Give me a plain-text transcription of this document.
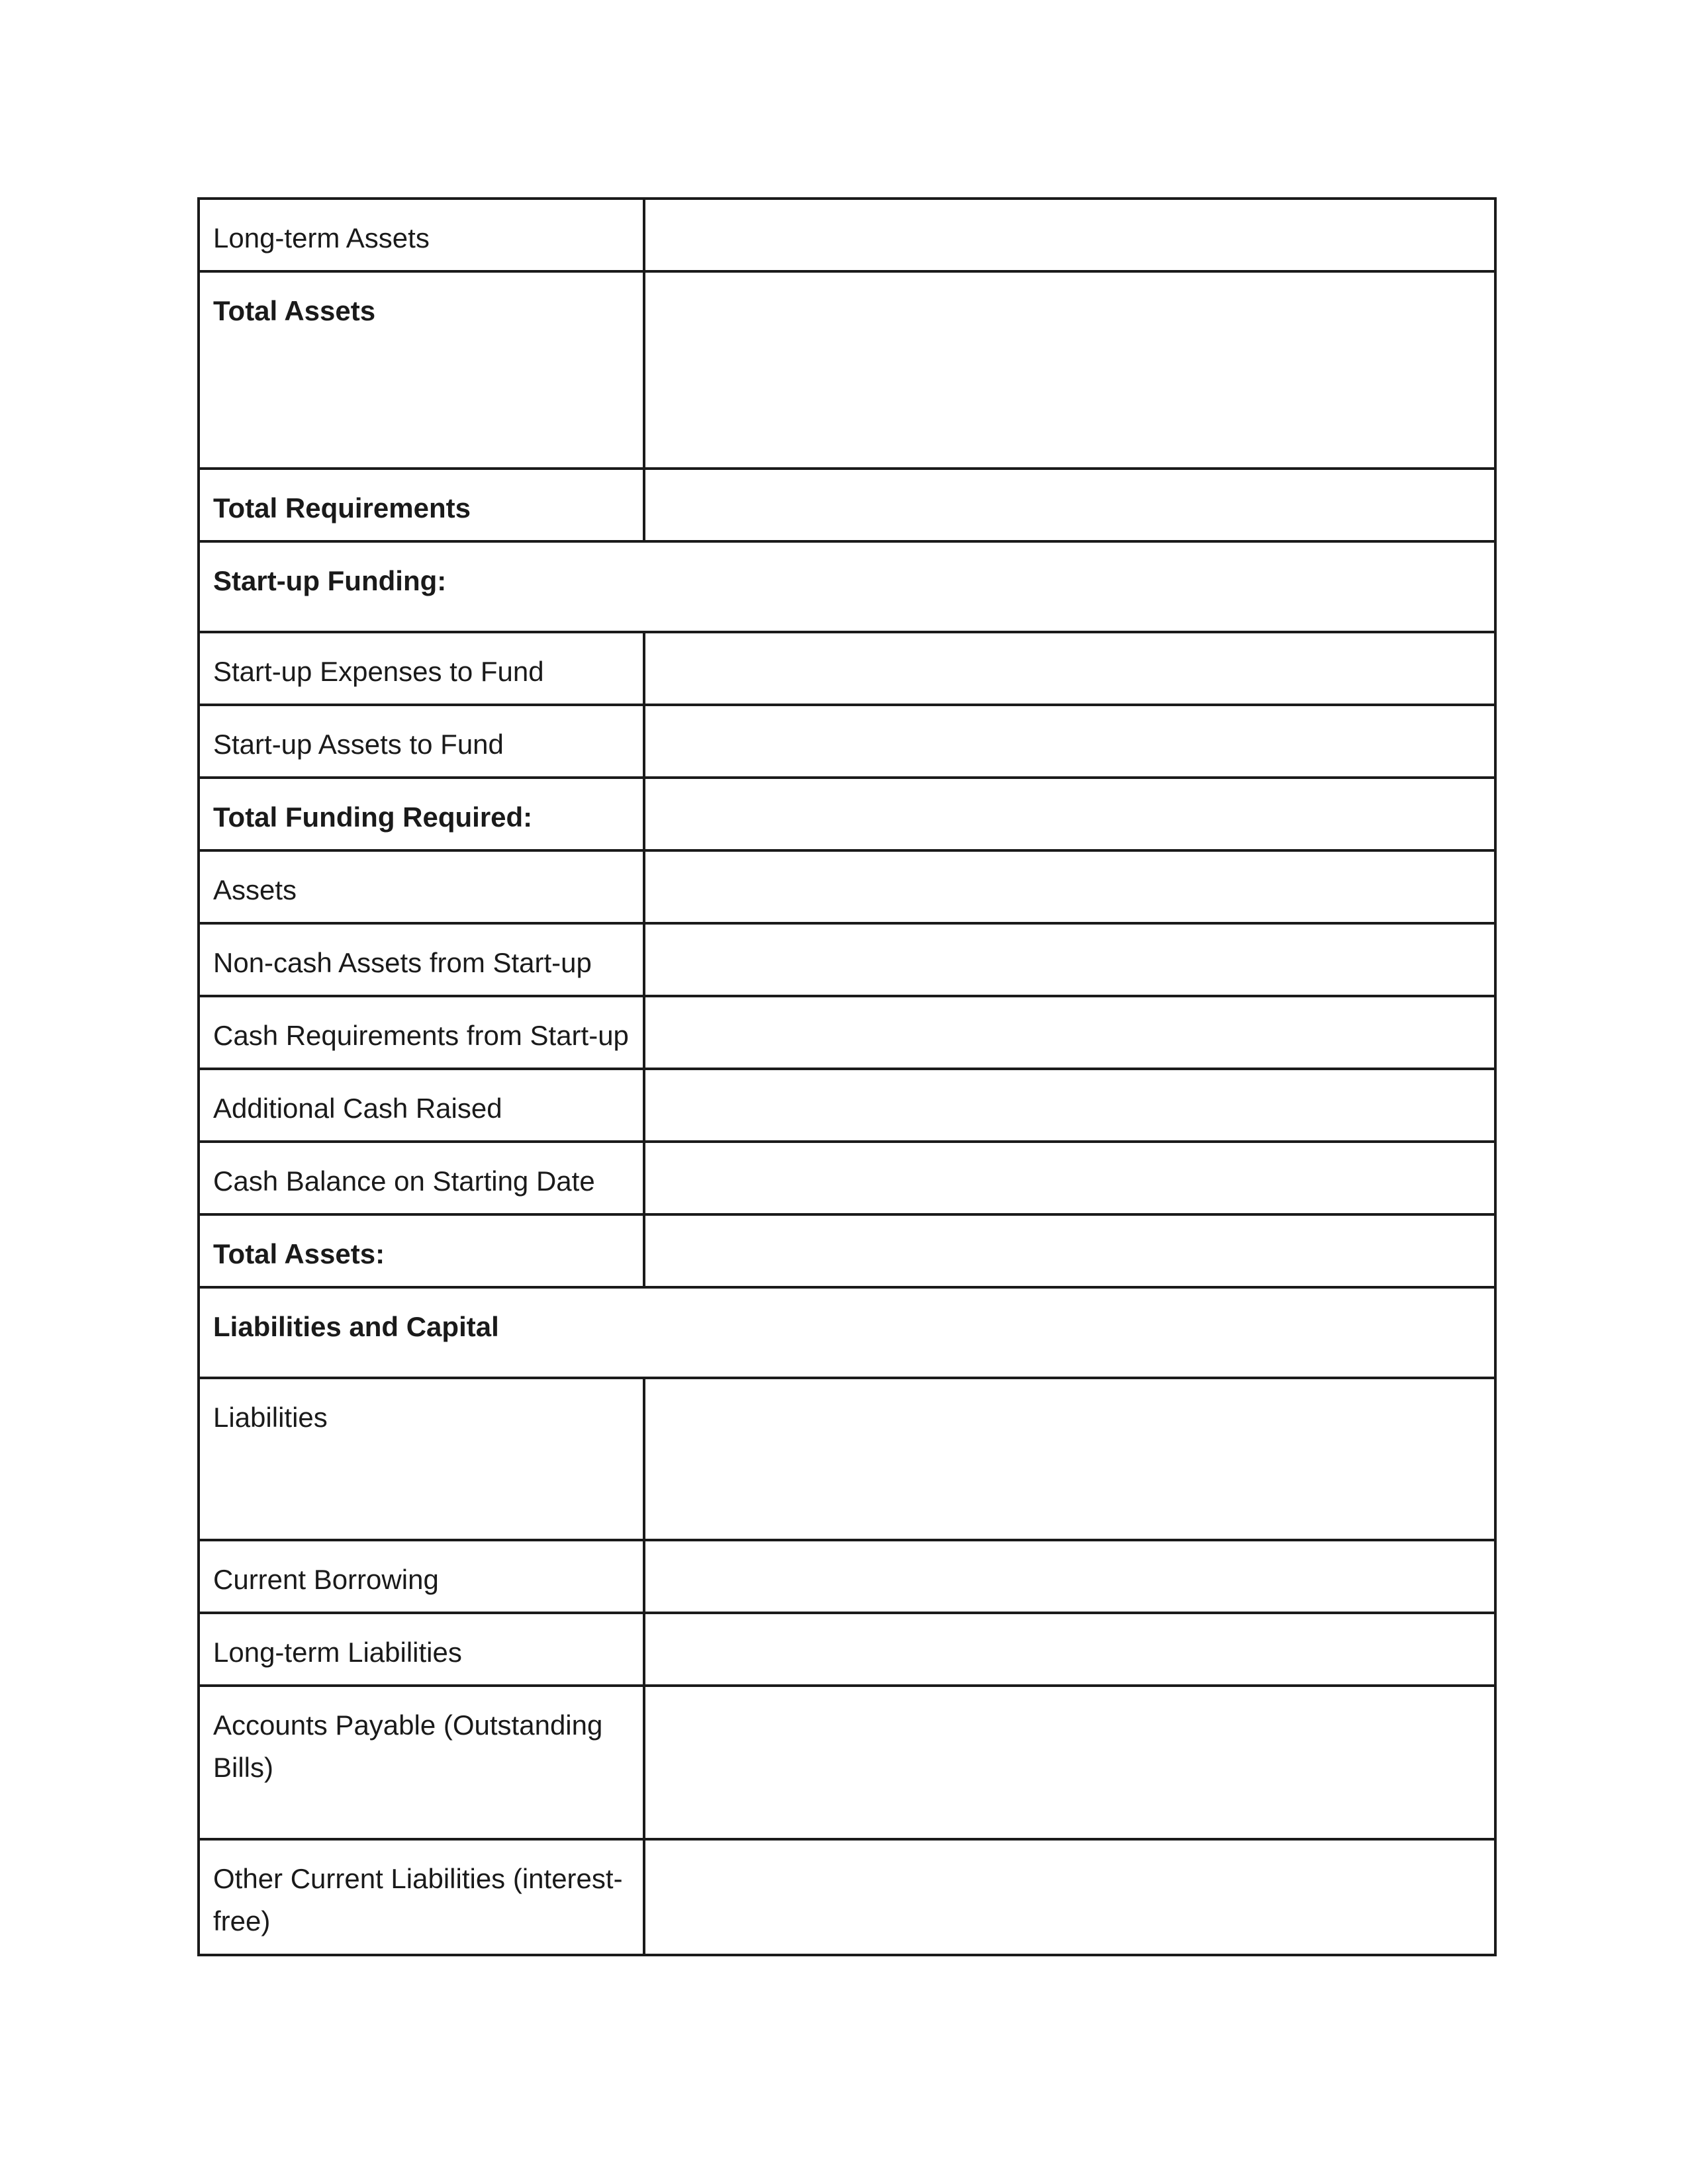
Long-term Assets	
Total Assets	
Total Requirements	
Start-up Funding:	
Start-up Expenses to Fund	
Start-up Assets to Fund	
Total Funding Required:	
Assets	
Non-cash Assets from Start-up	
Cash Requirements from Start-up	
Additional Cash Raised	
Cash Balance on Starting Date	
Total Assets:	
Liabilities and Capital	
Liabilities	
Current Borrowing	
Long-term Liabilities	
Accounts Payable (Outstanding Bills)	
Other Current Liabilities (interest-free)	
